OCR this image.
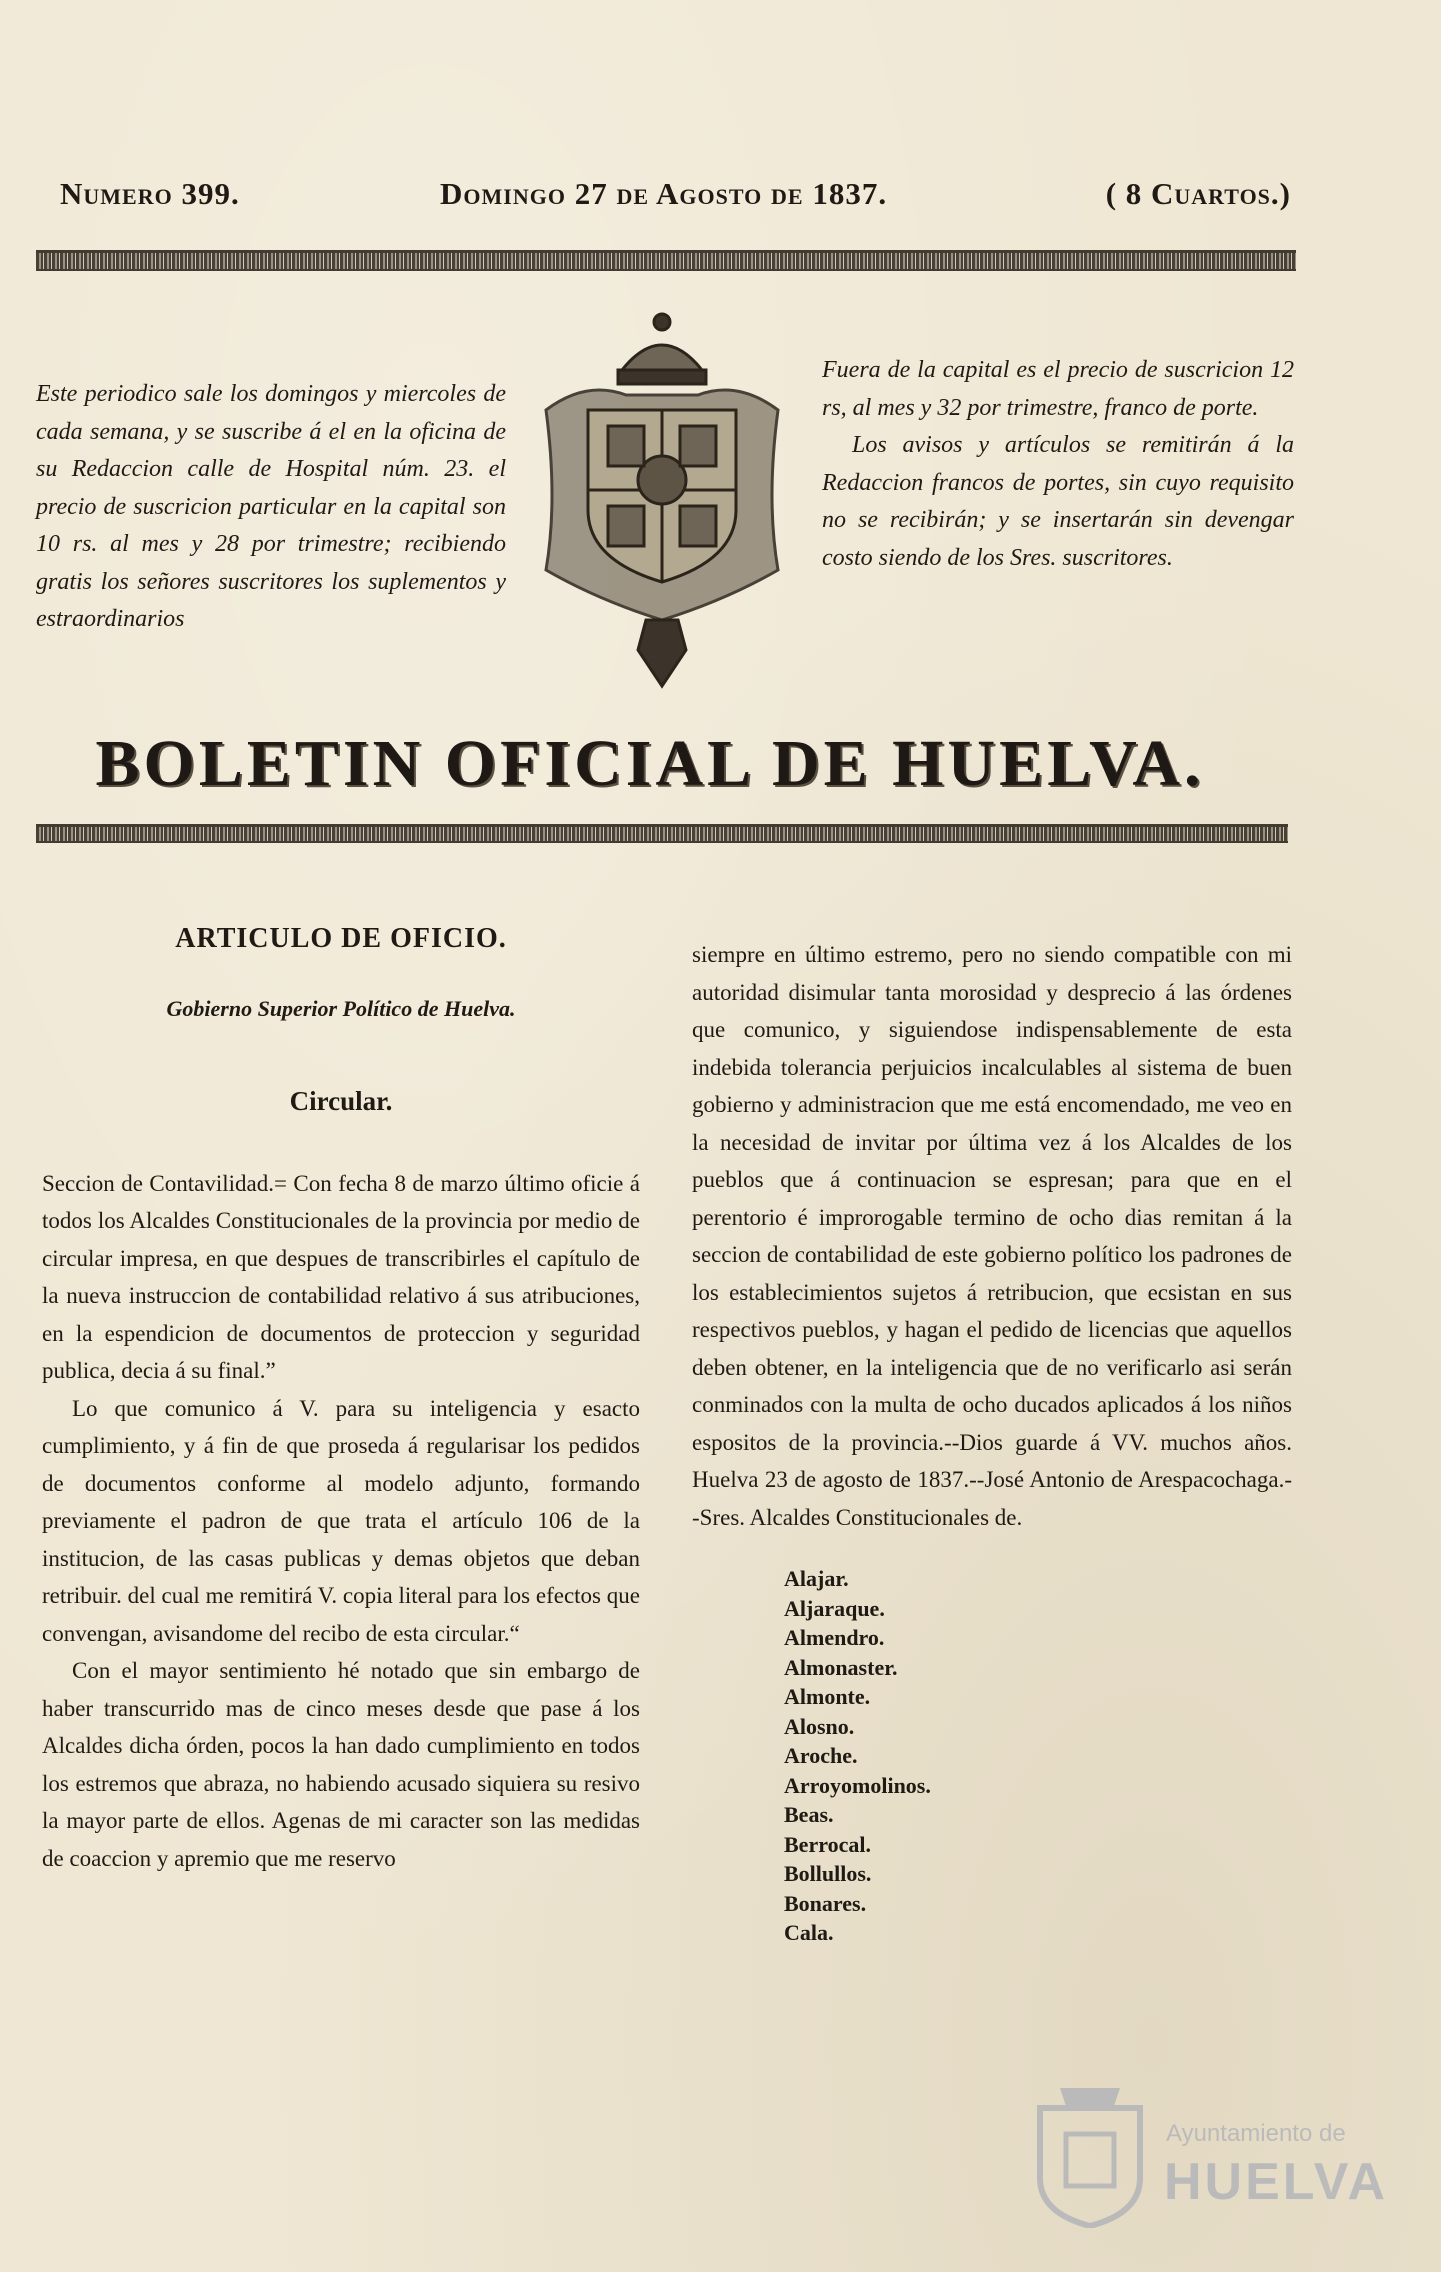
Numero 399.	Domingo 27 de Agosto de 1837.	( 8 Cuartos.)

Este periodico sale los domingos y miercoles de cada semana, y se suscribe á el en la oficina de su Redaccion calle de Hospital núm. 23. el precio de suscricion particular en la capital son 10 rs. al mes y 28 por trimestre; recibiendo gratis los señores suscritores los suplementos y estraordinarios

Fuera de la capital es el precio de suscricion 12 rs, al mes y 32 por trimestre, franco de porte.
Los avisos y artículos se remitirán á la Redaccion francos de portes, sin cuyo requisito no se recibirán; y se insertarán sin devengar costo siendo de los Sres. suscritores.
BOLETIN OFICIAL DE HUELVA.

ARTICULO DE OFICIO.

Gobierno Superior Político de Huelva.

Circular.

Seccion de Contavilidad.= Con fecha 8 de marzo último oficie á todos los Alcaldes Constitucionales de la provincia por medio de circular impresa, en que despues de transcribirles el capítulo de la nueva instruccion de contabilidad relativo á sus atribuciones, en la espendicion de documentos de proteccion y seguridad publica, decia á su final.”

Lo que comunico á V. para su inteligencia y esacto cumplimiento, y á fin de que proseda á regularisar los pedidos de documentos conforme al modelo adjunto, formando previamente el padron de que trata el artículo 106 de la institucion, de las casas publicas y demas objetos que deban retribuir. del cual me remitirá V. copia literal para los efectos que convengan, avisandome del recibo de esta circular.“

Con el mayor sentimiento hé notado que sin embargo de haber transcurrido mas de cinco meses desde que pase á los Alcaldes dicha órden, pocos la han dado cumplimiento en todos los estremos que abraza, no habiendo acusado siquiera su resivo la mayor parte de ellos. Agenas de mi caracter son las medidas de coaccion y apremio que me reservo

siempre en último estremo, pero no siendo compatible con mi autoridad disimular tanta morosidad y desprecio á las órdenes que comunico, y siguiendose indispensablemente de esta indebida tolerancia perjuicios incalculables al sistema de buen gobierno y administracion que me está encomendado, me veo en la necesidad de invitar por última vez á los Alcaldes de los pueblos que á continuacion se espresan; para que en el perentorio é improrogable termino de ocho dias remitan á la seccion de contabilidad de este gobierno político los padrones de los establecimientos sujetos á retribucion, que ecsistan en sus respectivos pueblos, y hagan el pedido de licencias que aquellos deben obtener, en la inteligencia que de no verificarlo asi serán conminados con la multa de ocho ducados aplicados á los niños espositos de la provincia.--Dios guarde á VV. muchos años. Huelva 23 de agosto de 1837.--José Antonio de Arespacochaga.--Sres. Alcaldes Constitucionales de.

Alajar.
Aljaraque.
Almendro.
Almonaster.
Almonte.
Alosno.
Aroche.
Arroyomolinos.
Beas.
Berrocal.
Bollullos.
Bonares.
Cala.
Ayuntamiento de
HUELVA
